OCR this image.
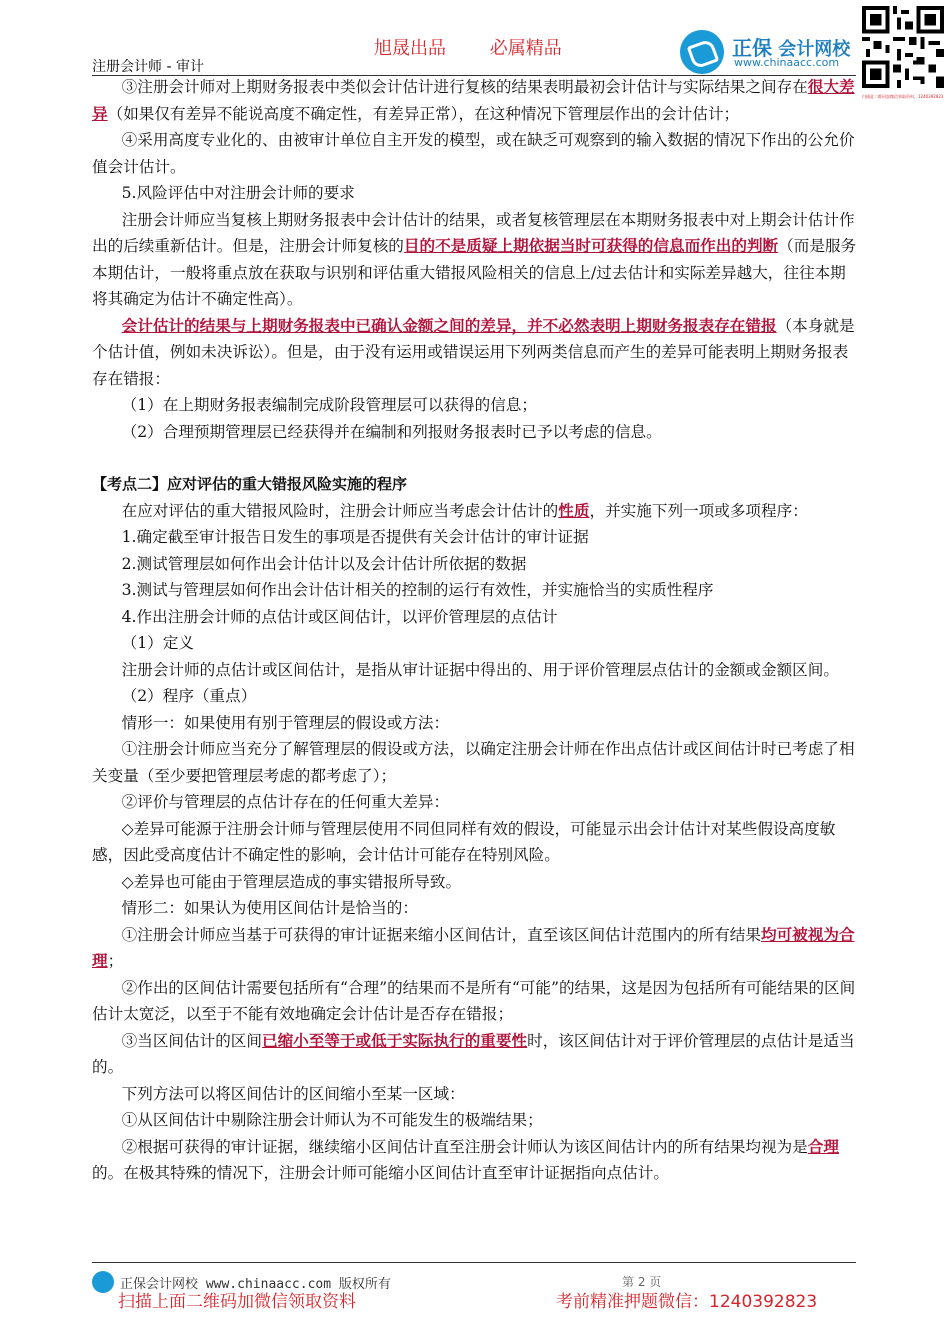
旭晟出品 必属精品
注册会计师 - 审计
正保 会计网校
www.chinaacc.com
扫描此二维码加微信领取资料，1240392823

③注册会计师对上期财务报表中类似会计估计进行复核的结果表明最初会计估计与实际结果之间存在很大差异（如果仅有差异不能说高度不确定性，有差异正常），在这种情况下管理层作出的会计估计；

④采用高度专业化的、由被审计单位自主开发的模型，或在缺乏可观察到的输入数据的情况下作出的公允价值会计估计。

5.风险评估中对注册会计师的要求

注册会计师应当复核上期财务报表中会计估计的结果，或者复核管理层在本期财务报表中对上期会计估计作出的后续重新估计。但是，注册会计师复核的目的不是质疑上期依据当时可获得的信息而作出的判断（而是服务本期估计，一般将重点放在获取与识别和评估重大错报风险相关的信息上/过去估计和实际差异越大，往往本期将其确定为估计不确定性高）。

会计估计的结果与上期财务报表中已确认金额之间的差异，并不必然表明上期财务报表存在错报（本身就是个估计值，例如未决诉讼）。但是，由于没有运用或错误运用下列两类信息而产生的差异可能表明上期财务报表存在错报：

（1）在上期财务报表编制完成阶段管理层可以获得的信息；

（2）合理预期管理层已经获得并在编制和列报财务报表时已予以考虑的信息。

【考点二】应对评估的重大错报风险实施的程序

在应对评估的重大错报风险时，注册会计师应当考虑会计估计的性质，并实施下列一项或多项程序：

1.确定截至审计报告日发生的事项是否提供有关会计估计的审计证据

2.测试管理层如何作出会计估计以及会计估计所依据的数据

3.测试与管理层如何作出会计估计相关的控制的运行有效性，并实施恰当的实质性程序

4.作出注册会计师的点估计或区间估计，以评价管理层的点估计

（1）定义

注册会计师的点估计或区间估计，是指从审计证据中得出的、用于评价管理层点估计的金额或金额区间。

（2）程序（重点）

情形一：如果使用有别于管理层的假设或方法：

①注册会计师应当充分了解管理层的假设或方法，以确定注册会计师在作出点估计或区间估计时已考虑了相关变量（至少要把管理层考虑的都考虑了）；

②评价与管理层的点估计存在的任何重大差异：

◇差异可能源于注册会计师与管理层使用不同但同样有效的假设，可能显示出会计估计对某些假设高度敏感，因此受高度估计不确定性的影响，会计估计可能存在特别风险。

◇差异也可能由于管理层造成的事实错报所导致。

情形二：如果认为使用区间估计是恰当的：

①注册会计师应当基于可获得的审计证据来缩小区间估计，直至该区间估计范围内的所有结果均可被视为合理；

②作出的区间估计需要包括所有“合理”的结果而不是所有“可能”的结果，这是因为包括所有可能结果的区间估计太宽泛，以至于不能有效地确定会计估计是否存在错报；

③当区间估计的区间已缩小至等于或低于实际执行的重要性时，该区间估计对于评价管理层的点估计是适当的。

下列方法可以将区间估计的区间缩小至某一区域：

①从区间估计中剔除注册会计师认为不可能发生的极端结果；

②根据可获得的审计证据，继续缩小区间估计直至注册会计师认为该区间估计内的所有结果均视为是合理的。在极其特殊的情况下，注册会计师可能缩小区间估计直至审计证据指向点估计。

正保会计网校 www.chinaacc.com 版权所有	第 2 页
扫描上面二维码加微信领取资料	考前精准押题微信：1240392823
